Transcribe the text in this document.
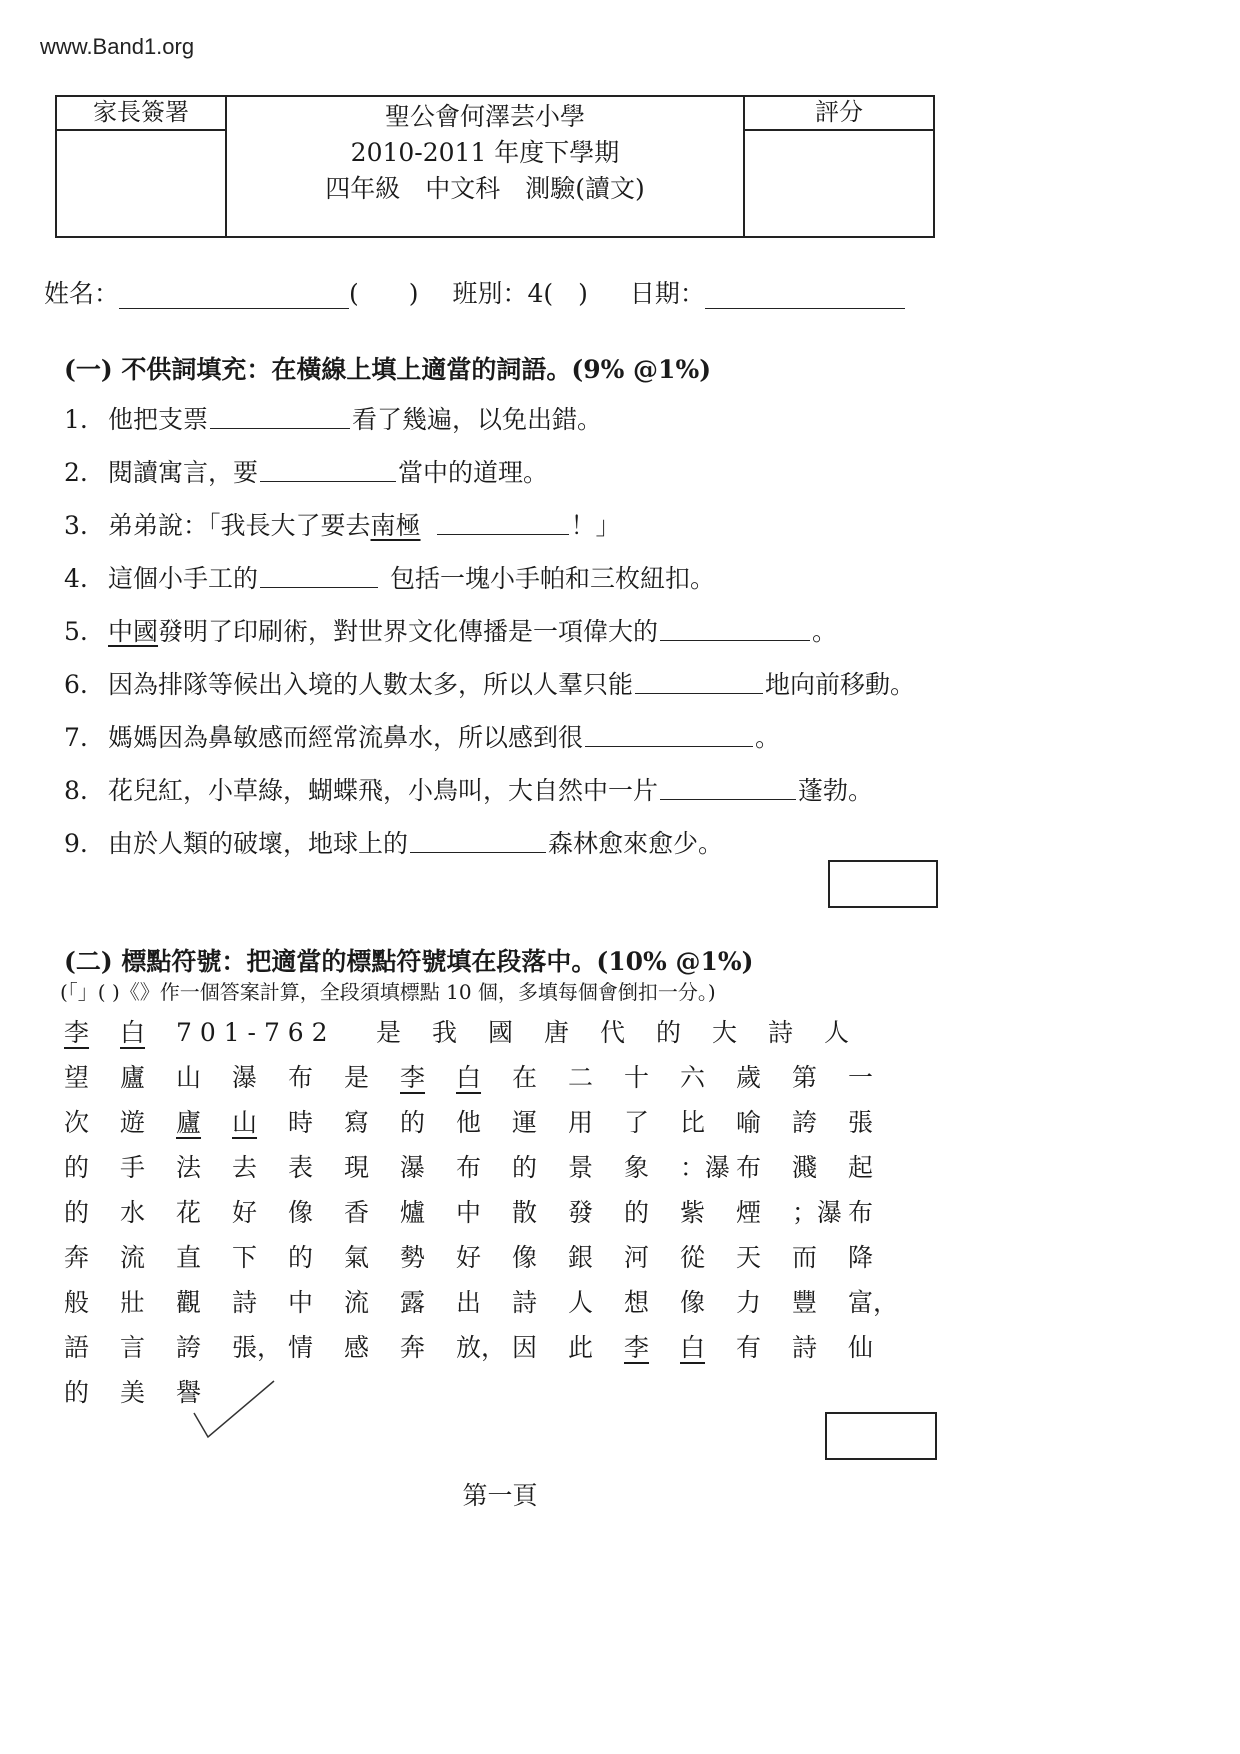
www.Band1.org
家長簽署	聖公會何澤芸小學
2010-2011 年度下學期
四年級　中文科　測驗(讀文)
評分
姓名：	(　　) 班別：4(　) 日期：
(一) 不供詞填充：在橫線上填上適當的詞語。(9% @1%)
1. 他把支票	看了幾遍，以免出錯。
2. 閱讀寓言，要	當中的道理。
3. 弟弟說：「我長大了要去南極	！」
4. 這個小手工的	包括一塊小手帕和三枚紐扣。
5. 中國發明了印刷術，對世界文化傳播是一項偉大的	。
6. 因為排隊等候出入境的人數太多，所以人羣只能	地向前移動。
7. 媽媽因為鼻敏感而經常流鼻水，所以感到很	。
8. 花兒紅，小草綠，蝴蝶飛，小鳥叫，大自然中一片	蓬勃。
9. 由於人類的破壞，地球上的	森林愈來愈少。
(二) 標點符號：把適當的標點符號填在段落中。(10% @1%)
(「」( )《》作一個答案計算，全段須填標點 10 個，多填每個會倒扣一分。)
李 白 7 0 1 - 7 6 2 是 我 國 唐 代 的 大 詩 人
望 廬 山 瀑 布 是 李 白 在 二 十 六 歲 第 一
次 遊 廬 山 時 寫 的 他 運 用 了 比 喻 誇 張
的 手 法 去 表 現 瀑 布 的 景 象 ：瀑 布 濺 起
的 水 花 好 像 香 爐 中 散 發 的 紫 煙 ；瀑 布
奔 流 直 下 的 氣 勢 好 像 銀 河 從 天 而 降
般 壯 觀 詩 中 流 露 出 詩 人 想 像 力 豐 富，
語 言 誇 張， 情 感 奔 放， 因 此 李 白 有 詩 仙
的 美 譽
第一頁
